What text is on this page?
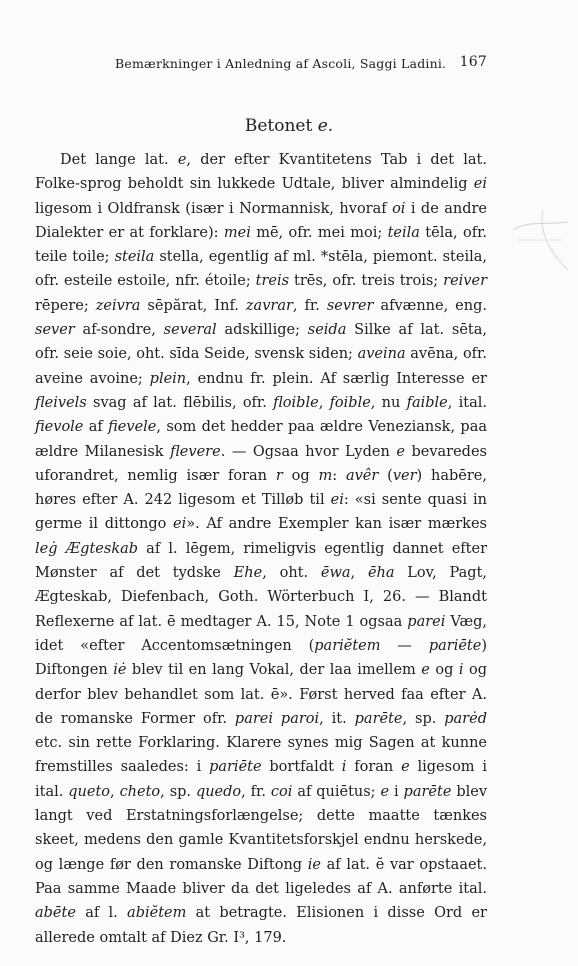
Bemærkninger i Anledning af Ascoli, Saggi Ladini. 167
Betonet e.

Det lange lat. e, der efter Kvantitetens Tab i det lat. Folke-sprog beholdt sin lukkede Udtale, bliver almindelig ei ligesom i Oldfransk (især i Normannisk, hvoraf oi i de andre Dialekter er at forklare): mei mē, ofr. mei moi; teila tēla, ofr. teile toile; steila stella, egentlig af ml. *stēla, piemont. steila, ofr. esteile estoile, nfr. étoile; treis trēs, ofr. treis trois; reiver rēpere; zeivra sēpărat, Inf. zavrar, fr. sevrer afvænne, eng. sever af-sondre, several adskillige; seida Silke af lat. sēta, ofr. seie soie, oht. sīda Seide, svensk siden; aveina avēna, ofr. aveine avoine; plein, endnu fr. plein. Af særlig Interesse er fleivels svag af lat. flēbilis, ofr. floible, foible, nu faible, ital. fievole af fievele, som det hedder paa ældre Veneziansk, paa ældre Milanesisk flevere. — Ogsaa hvor Lyden e bevaredes uforandret, nemlig især foran r og m: avêr (ver) habēre, høres efter A. 242 ligesom et Tilløb til ei: «si sente quasi in germe il dittongo ei». Af andre Exempler kan især mærkes leġ Ægteskab af l. lēgem, rimeligvis egentlig dannet efter Mønster af det tydske Ehe, oht. ēwa, ēha Lov, Pagt, Ægteskab, Diefenbach, Goth. Wörterbuch I, 26. — Blandt Reflexerne af lat. ē medtager A. 15, Note 1 ogsaa parei Væg, idet «efter Accentomsætningen (pariĕtem — pariēte) Diftongen iė blev til en lang Vokal, der laa imellem e og i og derfor blev behandlet som lat. ē». Først herved faa efter A. de romanske Former ofr. parei paroi, it. parēte, sp. parėd etc. sin rette Forklaring. Klarere synes mig Sagen at kunne fremstilles saaledes: i pariēte bortfaldt i foran e ligesom i ital. queto, cheto, sp. quedo, fr. coi af quiētus; e i parēte blev langt ved Erstatningsforlængelse; dette maatte tænkes skeet, medens den gamle Kvantitetsforskjel endnu herskede, og længe før den romanske Diftong ie af lat. ĕ var opstaaet. Paa samme Maade bliver da det ligeledes af A. anførte ital. abēte af l. abiĕtem at betragte. Elisionen i disse Ord er allerede omtalt af Diez Gr. I³, 179.
